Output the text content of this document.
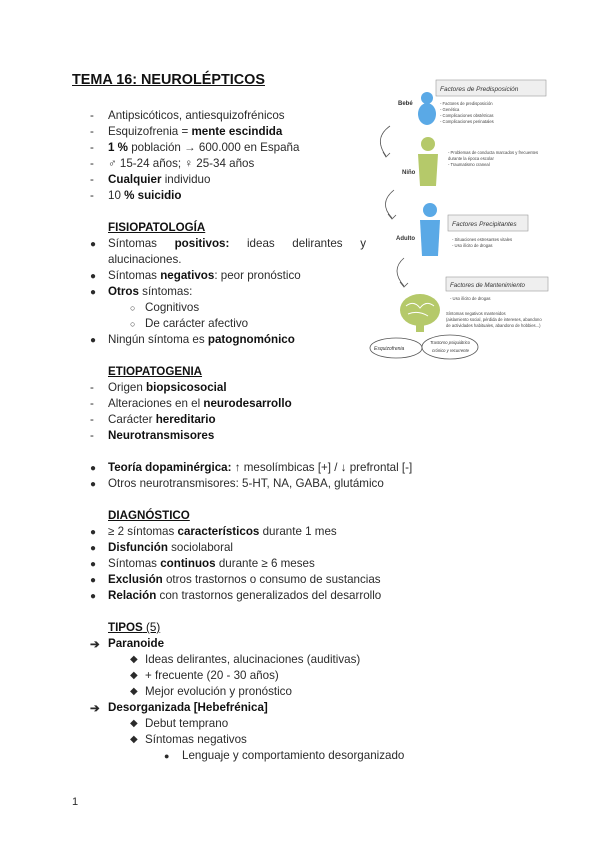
TEMA 16: NEUROLÉPTICOS
- Antipsicóticos, antiesquizofrénicos
- Esquizofrenia = mente escindida
- 1 % población → 600.000 en España
- ♂ 15-24 años; ♀ 25-34 años
- Cualquier individuo
- 10 % suicidio
FISIOPATOLOGÍA
● Síntomas positivos: ideas delirantes y
alucinaciones.
● Síntomas negativos: peor pronóstico
● Otros síntomas:
○ Cognitivos
○ De carácter afectivo
● Ningún síntoma es patognomónico
ETIOPATOGENIA
- Origen biopsicosocial
- Alteraciones en el neurodesarrollo
- Carácter hereditario
- Neurotransmisores
● Teoría dopaminérgica: ↑ mesolímbicas [+] / ↓ prefrontal [-]
● Otros neurotransmisores: 5-HT, NA, GABA, glutámico
DIAGNÓSTICO
● ≥ 2 síntomas característicos durante 1 mes
● Disfunción sociolaboral
● Síntomas continuos durante ≥ 6 meses
● Exclusión otros trastornos o consumo de sustancias
● Relación con trastornos generalizados del desarrollo
TIPOS (5)
➔ Paranoide
◆ Ideas delirantes, alucinaciones (auditivas)
◆ + frecuente (20 - 30 años)
◆ Mejor evolución y pronóstico
➔ Desorganizada [Hebefrénica]
◆ Debut temprano
◆ Síntomas negativos
● Lenguaje y comportamiento desorganizado
1
Factores de Predisposición
Bebé	- Factores de predisposición
- Genética
- Complicaciones obstétricas
- Complicaciones perinatales
Niño
- Problemas de conducta marcados y frecuentes
durante la época escolar
- Traumatismo craneal
Adulto
Factores Precipitantes
- Situaciones estresantes vitales
- Uso ilícito de drogas
Factores de Mantenimiento
- Uso ilícito de drogas
Síntomas negativos mantenidos
(aislamiento social, pérdida de intereses, abandono
de actividades habituales, abandono de hobbies...)
Esquizofrenia
Trastorno psiquiátrico
crónico y recurrente
